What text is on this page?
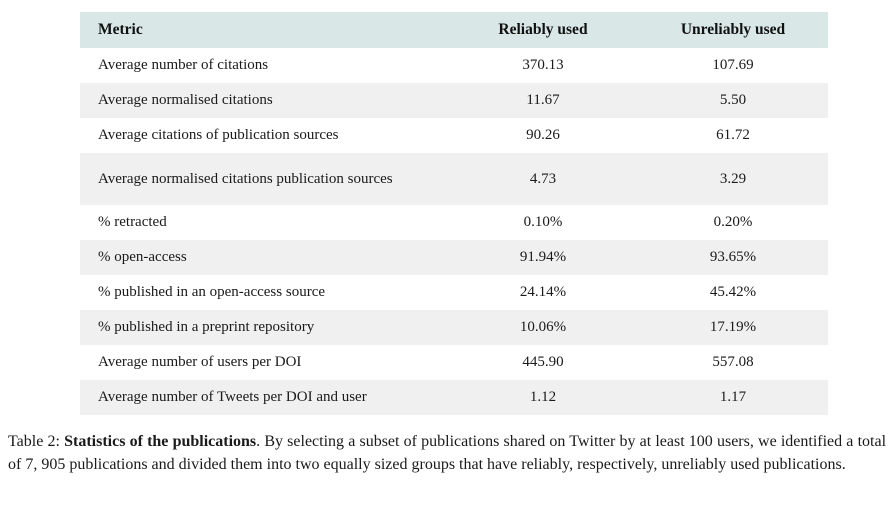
Metric	Reliably used	Unreliably used
Average number of citations	370.13	107.69
Average normalised citations	11.67	5.50
Average citations of publication sources	90.26	61.72
Average normalised citations publication sources	4.73	3.29
% retracted	0.10%	0.20%
% open-access	91.94%	93.65%
% published in an open-access source	24.14%	45.42%
% published in a preprint repository	10.06%	17.19%
Average number of users per DOI	445.90	557.08
Average number of Tweets per DOI and user	1.12	1.17
Table 2: Statistics of the publications. By selecting a subset of publications shared on Twitter by at least 100 users, we identified a total of 7, 905 publications and divided them into two equally sized groups that have reliably, respectively, unreliably used publications.
